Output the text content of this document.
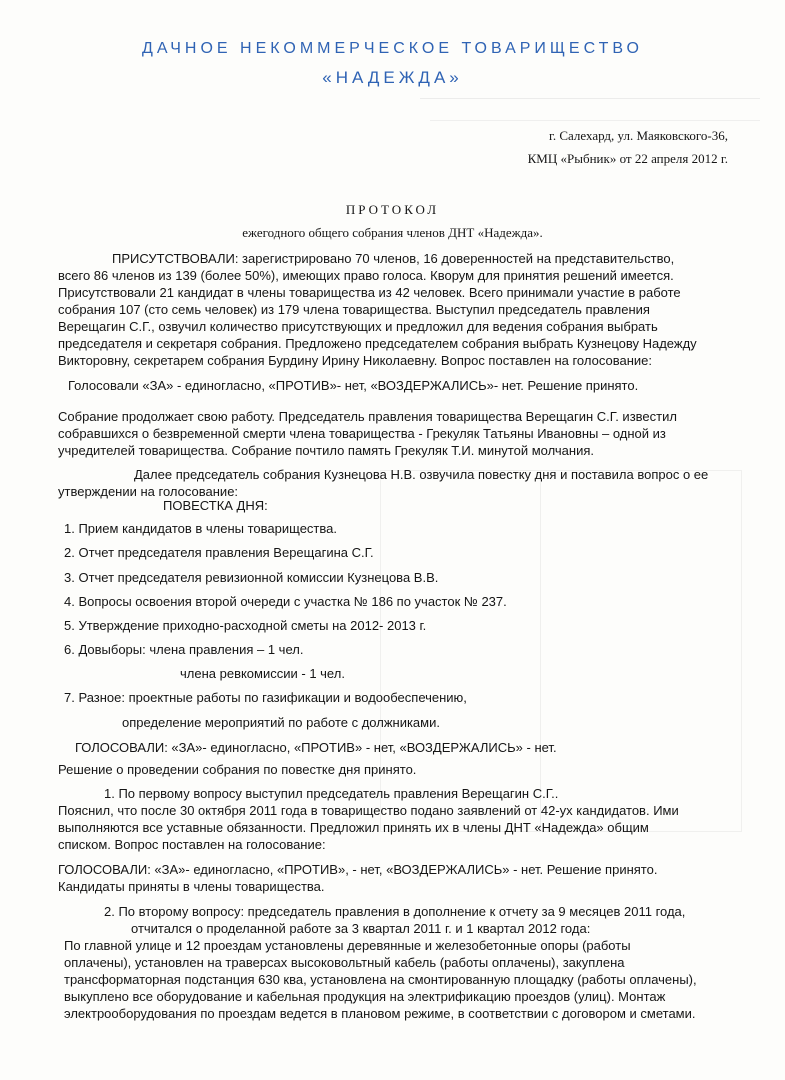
ДАЧНОЕ НЕКОММЕРЧЕСКОЕ ТОВАРИЩЕСТВО
«НАДЕЖДА»
г. Салехард, ул. Маяковского-36,
КМЦ «Рыбник» от 22 апреля 2012 г.
ПРОТОКОЛ
ежегодного общего собрания членов ДНТ «Надежда».
ПРИСУТСТВОВАЛИ: зарегистрировано 70 членов, 16 доверенностей на представительство,
всего 86 членов из 139 (более 50%), имеющих право голоса. Кворум для принятия решений имеется.
Присутствовали 21 кандидат в члены товарищества из 42 человек. Всего принимали участие в работе
собрания 107 (сто семь человек) из 179 члена товарищества. Выступил председатель правления
Верещагин С.Г., озвучил количество присутствующих и предложил для ведения собрания выбрать
председателя и секретаря собрания. Предложено председателем собрания выбрать Кузнецову Надежду
Викторовну, секретарем собрания Бурдину Ирину Николаевну. Вопрос поставлен на голосование:
Голосовали «ЗА» - единогласно, «ПРОТИВ»- нет, «ВОЗДЕРЖАЛИСЬ»- нет. Решение принято.
Собрание продолжает свою работу. Председатель правления товарищества Верещагин С.Г. известил
собравшихся о безвременной смерти члена товарищества - Грекуляк Татьяны Ивановны – одной из
учредителей товарищества. Собрание почтило память Грекуляк Т.И. минутой молчания.
Далее председатель собрания Кузнецова Н.В. озвучила повестку дня и поставила вопрос о ее
утверждении на голосование:
ПОВЕСТКА ДНЯ:
1. Прием кандидатов в члены товарищества.
2. Отчет председателя правления Верещагина С.Г.
3. Отчет председателя ревизионной комиссии Кузнецова В.В.
4. Вопросы освоения второй очереди с участка № 186 по участок № 237.
5. Утверждение приходно-расходной сметы на 2012- 2013 г.
6. Довыборы: члена правления – 1 чел.
члена ревкомиссии - 1 чел.
7. Разное: проектные работы по газификации и водообеспечению,
определение мероприятий по работе с должниками.
ГОЛОСОВАЛИ: «ЗА»- единогласно, «ПРОТИВ» - нет, «ВОЗДЕРЖАЛИСЬ» - нет.
Решение о проведении собрания по повестке дня принято.
1. По первому вопросу выступил председатель правления Верещагин С.Г..
Пояснил, что после 30 октября 2011 года в товарищество подано заявлений от 42-ух кандидатов. Ими
выполняются все уставные обязанности. Предложил принять их в члены ДНТ «Надежда» общим
списком. Вопрос поставлен на голосование:
ГОЛОСОВАЛИ: «ЗА»- единогласно, «ПРОТИВ», - нет, «ВОЗДЕРЖАЛИСЬ» - нет. Решение принято.
Кандидаты приняты в члены товарищества.
2. По второму вопросу: председатель правления в дополнение к отчету за 9 месяцев 2011 года,
отчитался о проделанной работе за 3 квартал 2011 г. и 1 квартал 2012 года:
По главной улице и 12 проездам установлены деревянные и железобетонные опоры (работы
оплачены), установлен на траверсах высоковольтный кабель (работы оплачены), закуплена
трансформаторная подстанция 630 ква, установлена на смонтированную площадку (работы оплачены),
выкуплено все оборудование и кабельная продукция на электрификацию проездов (улиц). Монтаж
электрооборудования по проездам ведется в плановом режиме, в соответствии с договором и сметами.
